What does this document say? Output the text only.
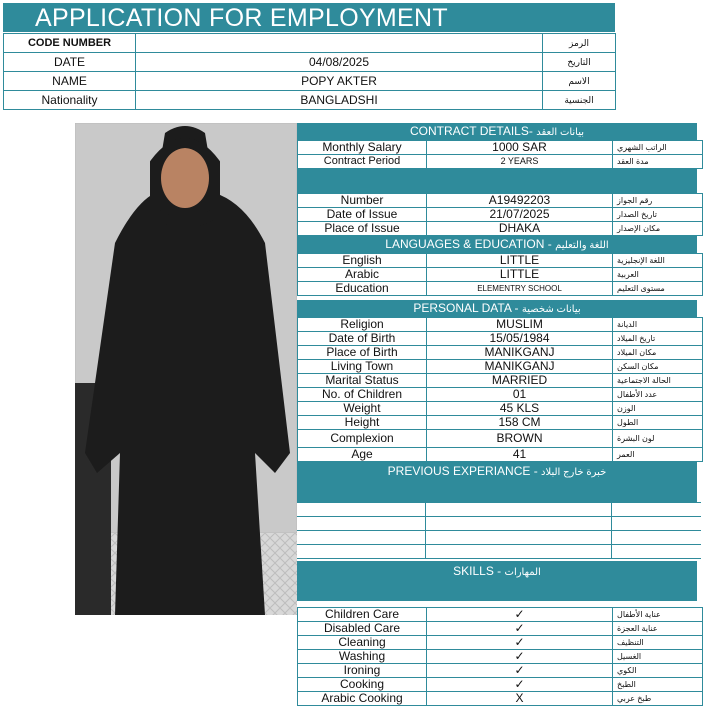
APPLICATION FOR EMPLOYMENT
CODE NUMBER		الرمز
DATE	04/08/2025	التاريخ
NAME	POPY AKTER	الاسم
Nationality	BANGLADSHI	الجنسية
CONTRACT DETAILS- بيانات العقد
Monthly Salary	1000 SAR	الراتب الشهري
Contract Period	2 YEARS	مدة العقد
Number	A19492203	رقم الجواز
Date of Issue	21/07/2025	تاريخ الصدار
Place of Issue	DHAKA	مكان الإصدار
LANGUAGES & EDUCATION - اللغة والتعليم
English	LITTLE	اللغة الإنجليزية
Arabic	LITTLE	العربية
Education	ELEMENTRY SCHOOL	مستوى التعليم
PERSONAL DATA - بيانات شخصية
Religion	MUSLIM	الديانة
Date of Birth	15/05/1984	تاريخ الميلاد
Place of Birth	MANIKGANJ	مكان الميلاد
Living Town	MANIKGANJ	مكان السكن
Marital Status	MARRIED	الحالة الاجتماعية
No. of Children	01	عدد الأطفال
Weight	45 KLS	الوزن
Height	158 CM	الطول
Complexion	BROWN	لون البشرة
Age	41	العمر
PREVIOUS EXPERIANCE - خبرة خارج البلاد

SKILLS - المهارات
Children Care	✓	عناية الأطفال
Disabled Care	✓	عناية العجزة
Cleaning	✓	التنظيف
Washing	✓	الغسيل
Ironing	✓	الكوي
Cooking	✓	الطبخ
Arabic Cooking	X	طبخ عربي
